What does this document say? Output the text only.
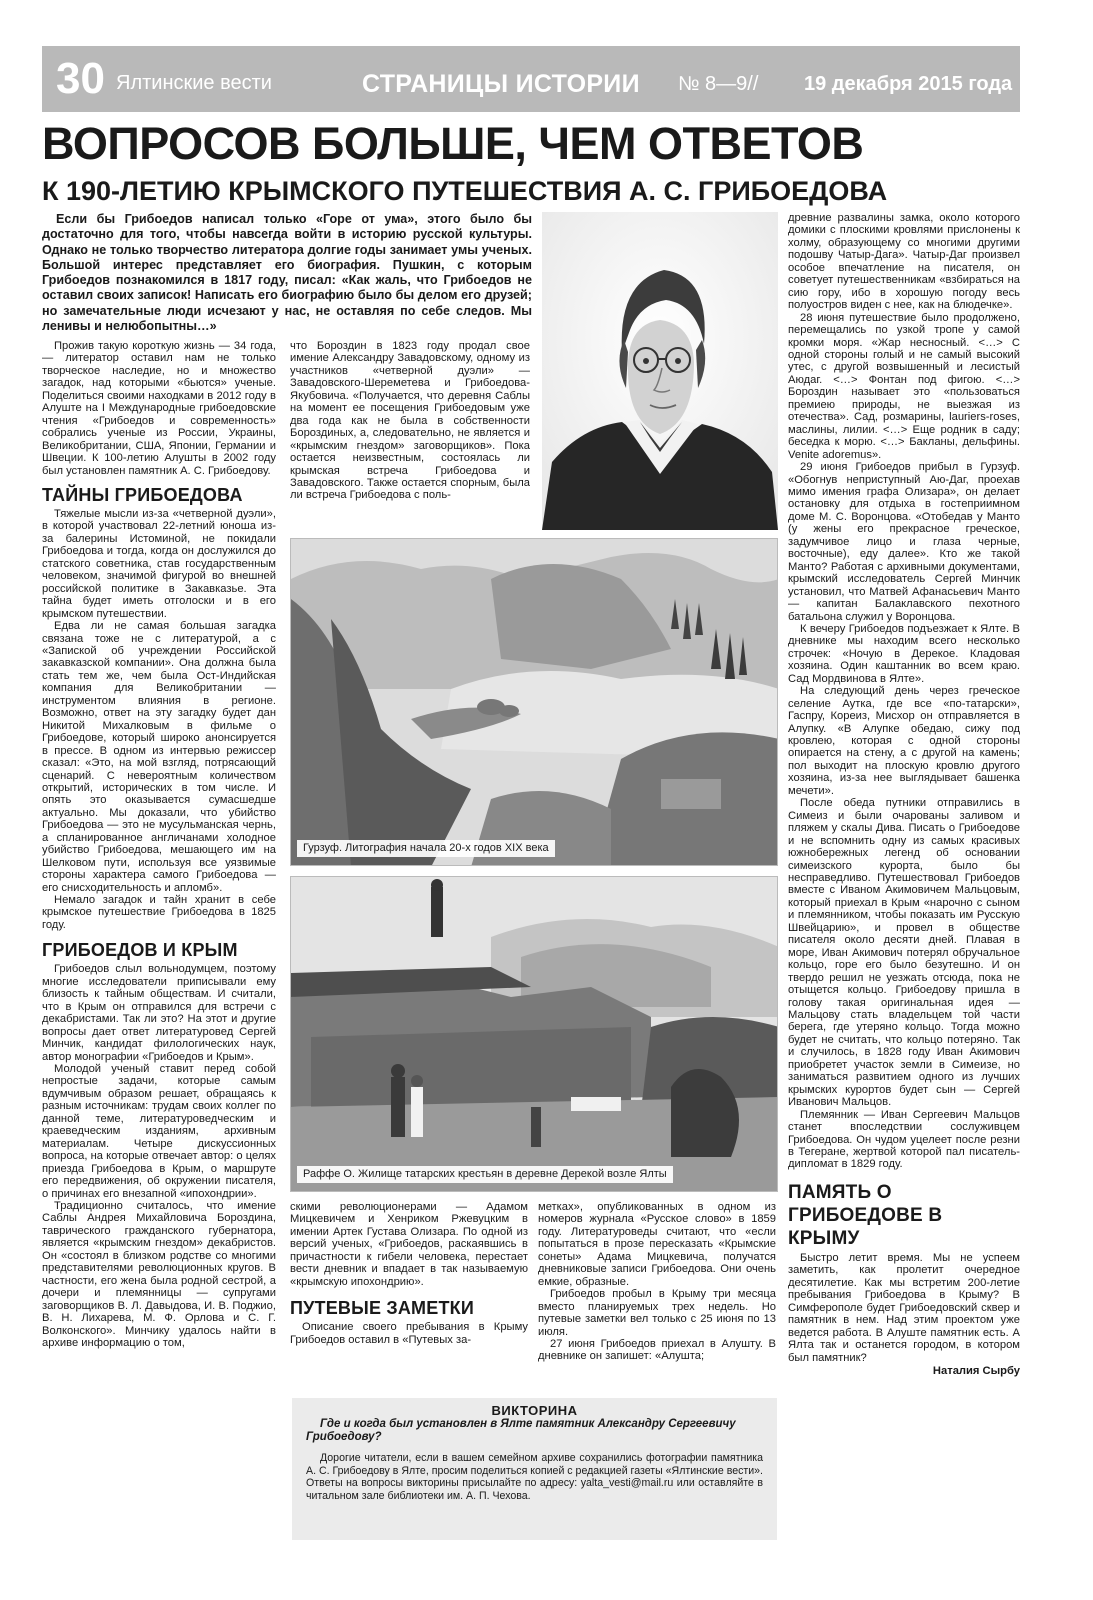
30 Ялтинские вести	СТРАНИЦЫ ИСТОРИИ № 8—9// 19 декабря 2015 года
ВОПРОСОВ БОЛЬШЕ, ЧЕМ ОТВЕТОВ
К 190-ЛЕТИЮ КРЫМСКОГО ПУТЕШЕСТВИЯ А. С. ГРИБОЕДОВА
Если бы Грибоедов написал только «Горе от ума», этого было бы достаточно для того, чтобы навсегда войти в историю русской культуры. Однако не только творчество литератора долгие годы занимает умы ученых. Большой интерес представляет его биография. Пушкин, с которым Грибоедов познакомился в 1817 году, писал: «Как жаль, что Грибоедов не оставил своих записок! Написать его биографию было бы делом его друзей; но замечательные люди исчезают у нас, не оставляя по себе следов. Мы ленивы и нелюбопытны…»

Прожив такую короткую жизнь — 34 года, — литератор оставил нам не только творческое наследие, но и множество загадок, над которыми «бьются» ученые. Поделиться своими находками в 2012 году в Алуште на I Международные грибоедовские чтения «Грибоедов и современность» собрались ученые из России, Украины, Великобритании, США, Японии, Германии и Швеции. К 100-летию Алушты в 2002 году был установлен памятник А. С. Грибоедову.

ТАЙНЫ ГРИБОЕДОВА

Тяжелые мысли из-за «четверной дуэли», в которой участвовал 22-летний юноша из-за балерины Истоминой, не покидали Грибоедова и тогда, когда он дослужился до статского советника, став государственным человеком, значимой фигурой во внешней российской политике в Закавказье. Эта тайна будет иметь отголоски и в его крымском путешествии.

Едва ли не самая большая загадка связана тоже не с литературой, а с «Запиской об учреждении Российской закавказской компании». Она должна была стать тем же, чем была Ост-Индийская компания для Великобритании — инструментом влияния в регионе. Возможно, ответ на эту загадку будет дан Никитой Михалковым в фильме о Грибоедове, который широко анонсируется в прессе. В одном из интервью режиссер сказал: «Это, на мой взгляд, потрясающий сценарий. С невероятным количеством открытий, исторических в том числе. И опять это оказывается сумасшедше актуально. Мы доказали, что убийство Грибоедова — это не мусульманская чернь, а спланированное англичанами холодное убийство Грибоедова, мешающего им на Шелковом пути, используя все уязвимые стороны характера самого Грибоедова — его снисходительность и апломб».

Немало загадок и тайн хранит в себе крымское путешествие Грибоедова в 1825 году.

ГРИБОЕДОВ И КРЫМ

Грибоедов слыл вольнодумцем, поэтому многие исследователи приписывали ему близость к тайным обществам. И считали, что в Крым он отправился для встречи с декабристами. Так ли это? На этот и другие вопросы дает ответ литературовед Сергей Минчик, кандидат филологических наук, автор монографии «Грибоедов и Крым».

Молодой ученый ставит перед собой непростые задачи, которые самым вдумчивым образом решает, обращаясь к разным источникам: трудам своих коллег по данной теме, литературоведческим и краеведческим изданиям, архивным материалам. Четыре дискуссионных вопроса, на которые отвечает автор: о целях приезда Грибоедова в Крым, о маршруте его передвижения, об окружении писателя, о причинах его внезапной «ипохондрии».

Традиционно считалось, что имение Саблы Андрея Михайловича Бороздина, таврического гражданского губернатора, является «крымским гнездом» декабристов. Он «состоял в близком родстве со многими представителями революционных кругов. В частности, его жена была родной сестрой, а дочери и племянницы — супругами заговорщиков В. Л. Давыдова, И. В. Поджио, В. Н. Лихарева, М. Ф. Орлова и С. Г. Волконского». Минчику удалось найти в архиве информацию о том,

что Бороздин в 1823 году продал свое имение Александру Завадовскому, одному из участников «четверной дуэли» — Завадовского-Шереметева и Грибоедова-Якубовича. «Получается, что деревня Саблы на момент ее посещения Грибоедовым уже два года как не была в собственности Бороздиных, а, следовательно, не является и «крымским гнездом» заговорщиков». Пока остается неизвестным, состоялась ли крымская встреча Грибоедова и Завадовского. Также остается спорным, была ли встреча Грибоедова с поль-

Гурзуф. Литография начала 20-х годов XIX века
Раффе О. Жилище татарских крестьян в деревне Дерекой возле Ялты

скими революционерами — Адамом Мицкевичем и Хенриком Ржевуцким в имении Артек Густава Олизара. По одной из версий ученых, «Грибоедов, раскаявшись в причастности к гибели человека, перестает вести дневник и впадает в так называемую «крымскую ипохондрию».

ПУТЕВЫЕ ЗАМЕТКИ

Описание своего пребывания в Крыму Грибоедов оставил в «Путевых за-

метках», опубликованных в одном из номеров журнала «Русское слово» в 1859 году. Литературоведы считают, что «если попытаться в прозе пересказать «Крымские сонеты» Адама Мицкевича, получатся дневниковые записи Грибоедова. Они очень емкие, образные.

Грибоедов пробыл в Крыму три месяца вместо планируемых трех недель. Но путевые заметки вел только с 25 июня по 13 июля.

27 июня Грибоедов приехал в Алушту. В дневнике он запишет: «Алушта;

ВИКТОРИНА
Где и когда был установлен в Ялте памятник Александру Сергеевичу Грибоедову?
Дорогие читатели, если в вашем семейном архиве сохранились фотографии памятника А. С. Грибоедову в Ялте, просим поделиться копией с редакцией газеты «Ялтинские вести». Ответы на вопросы викторины присылайте по адресу: yalta_vesti@mail.ru или оставляйте в читальном зале библиотеки им. А. П. Чехова.

древние развалины замка, около которого домики с плоскими кровлями прислонены к холму, образующему со многими другими подошву Чатыр-Дага». Чатыр-Даг произвел особое впечатление на писателя, он советует путешественникам «взбираться на сию гору, ибо в хорошую погоду весь полуостров виден с нее, как на блюдечке».

28 июня путешествие было продолжено, перемещались по узкой тропе у самой кромки моря. «Жар несносный. <…> С одной стороны голый и не самый высокий утес, с другой возвышенный и лесистый Аюдаг. <…> Фонтан под фигою. <…> Бороздин называет это «пользоваться премиею природы, не выезжая из отечества». Сад, розмарины, lauriers-roses, маслины, лилии. <…> Еще родник в саду; беседка к морю. <…> Бакланы, дельфины. Venite adoremus».

29 июня Грибоедов прибыл в Гурзуф. «Обогнув неприступный Аю-Даг, проехав мимо имения графа Олизара», он делает остановку для отдыха в гостеприимном доме М. С. Воронцова. «Отобедав у Манто (у жены его прекрасное греческое, задумчивое лицо и глаза черные, восточные), еду далее». Кто же такой Манто? Работая с архивными документами, крымский исследователь Сергей Минчик установил, что Матвей Афанасьевич Манто — капитан Балаклавского пехотного батальона служил у Воронцова.

К вечеру Грибоедов подъезжает к Ялте. В дневнике мы находим всего несколько строчек: «Ночую в Дерекое. Кладовая хозяина. Один каштанник во всем краю. Сад Мордвинова в Ялте».

На следующий день через греческое селение Аутка, где все «по-татарски», Гаспру, Кореиз, Мисхор он отправляется в Алупку. «В Алупке обедаю, сижу под кровлею, которая с одной стороны опирается на стену, а с другой на камень; пол выходит на плоскую кровлю другого хозяина, из-за нее выглядывает башенка мечети».

После обеда путники отправились в Симеиз и были очарованы заливом и пляжем у скалы Дива. Писать о Грибоедове и не вспомнить одну из самых красивых южнобережных легенд об основании симеизского курорта, было бы несправедливо. Путешествовал Грибоедов вместе с Иваном Акимовичем Мальцовым, который приехал в Крым «нарочно с сыном и племянником, чтобы показать им Русскую Швейцарию», и провел в обществе писателя около десяти дней. Плавая в море, Иван Акимович потерял обручальное кольцо, горе его было безутешно. И он твердо решил не уезжать отсюда, пока не отыщется кольцо. Грибоедову пришла в голову такая оригинальная идея — Мальцову стать владельцем той части берега, где утеряно кольцо. Тогда можно будет не считать, что кольцо потеряно. Так и случилось, в 1828 году Иван Акимович приобретет участок земли в Симеизе, но заниматься развитием одного из лучших крымских курортов будет сын — Сергей Иванович Мальцов.

Племянник — Иван Сергеевич Мальцов станет впоследствии сослуживцем Грибоедова. Он чудом уцелеет после резни в Тегеране, жертвой которой пал писатель-дипломат в 1829 году.

ПАМЯТЬ О ГРИБОЕДОВЕ В КРЫМУ

Быстро летит время. Мы не успеем заметить, как пролетит очередное десятилетие. Как мы встретим 200-летие пребывания Грибоедова в Крыму? В Симферополе будет Грибоедовский сквер и памятник в нем. Над этим проектом уже ведется работа. В Алуште памятник есть. А Ялта так и останется городом, в котором был памятник?

Наталия Сырбу
